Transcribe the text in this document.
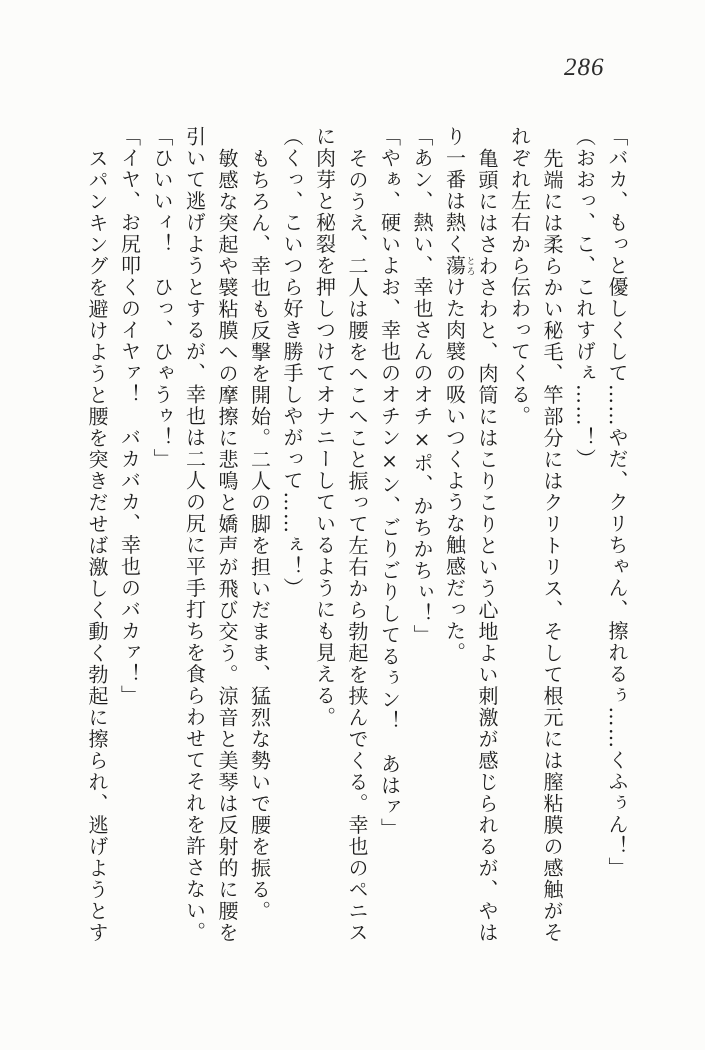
286

「バカ、もっと優しくして……やだ、クリちゃん、擦れるぅ……くふぅん！」

（おおっ、こ、これすげぇ……！）

先端には柔らかい秘毛、竿部分にはクリトリス、そして根元には膣粘膜の感触がそれぞれ左右から伝わってくる。

亀頭にはさわさわと、肉筒にはこりこりという心地よい刺激が感じられるが、やはり一番は熱く蕩とろけた肉襞の吸いつくような触感だった。

「あン、熱い、幸也さんのオチ×ポ、かちかちぃ！」

「やぁ、硬いよお、幸也のオチン×ン、ごりごりしてるぅン！　あはァ」

そのうえ、二人は腰をへこへこと振って左右から勃起を挟んでくる。幸也のペニスに肉芽と秘裂を押しつけてオナニーしているようにも見える。

（くっ、こいつら好き勝手しやがって……ぇ！）

もちろん、幸也も反撃を開始。二人の脚を担いだまま、猛烈な勢いで腰を振る。

敏感な突起や襞粘膜への摩擦に悲鳴と嬌声が飛び交う。涼音と美琴は反射的に腰を引いて逃げようとするが、幸也は二人の尻に平手打ちを食らわせてそれを許さない。

「ひいいィ！　ひっ、ひゃうゥ！」

「イヤ、お尻叩くのイヤァ！　バカバカ、幸也のバカァ！」

スパンキングを避けようと腰を突きだせば激しく動く勃起に擦られ、逃げようとす
